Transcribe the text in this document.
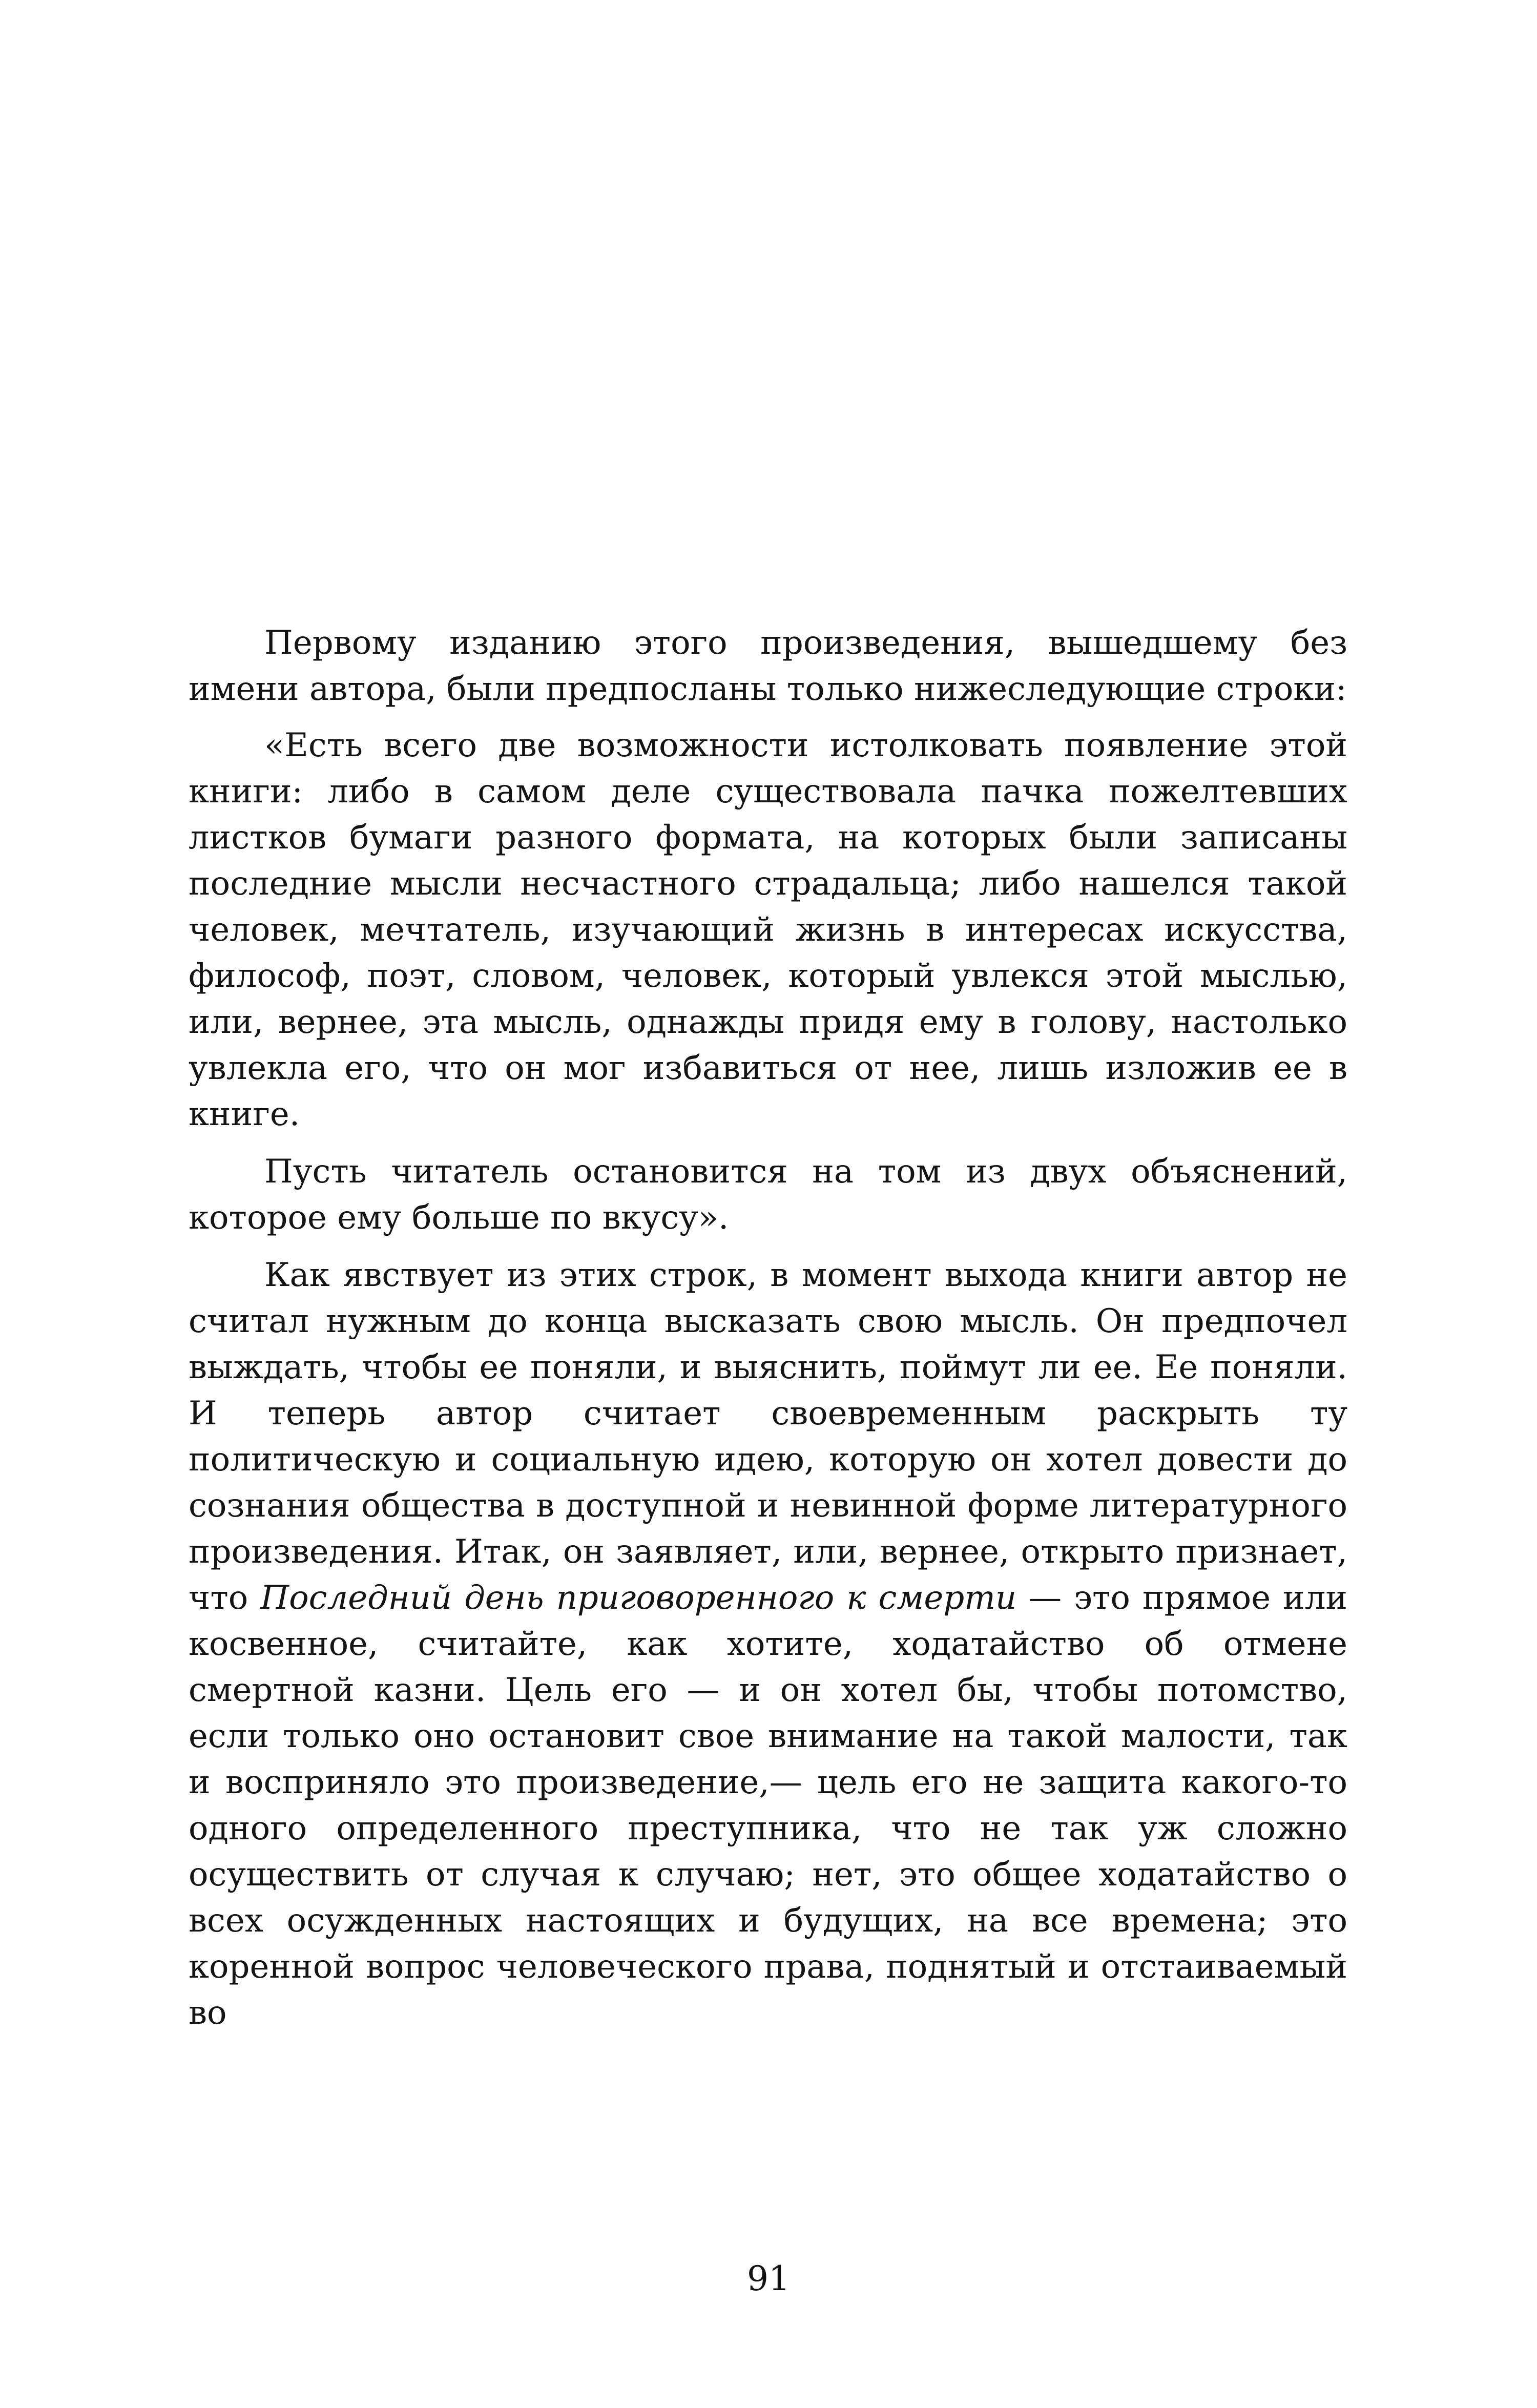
Первому изданию этого произведения, вышедшему без имени автора, были предпосланы только нижеследующие строки:

«Есть всего две возможности истолковать появление этой книги: либо в самом деле существовала пачка пожелтевших листков бумаги разного формата, на которых были записаны последние мысли несчастного страдальца; либо нашелся такой человек, мечтатель, изучающий жизнь в интересах искусства, философ, поэт, словом, человек, который увлекся этой мыслью, или, вернее, эта мысль, однажды придя ему в голову, настолько увлекла его, что он мог избавиться от нее, лишь изложив ее в книге.

Пусть читатель остановится на том из двух объяснений, которое ему больше по вкусу».

Как явствует из этих строк, в момент выхода книги автор не считал нужным до конца высказать свою мысль. Он предпочел выждать, чтобы ее поняли, и выяснить, поймут ли ее. Ее поняли. И теперь автор считает своевременным раскрыть ту политическую и социальную идею, которую он хотел довести до сознания общества в доступной и невинной форме литературного произведения. Итак, он заявляет, или, вернее, открыто признает, что Последний день приговоренного к смерти — это прямое или косвенное, считайте, как хотите, ходатайство об отмене смертной казни. Цель его — и он хотел бы, чтобы потомство, если только оно остановит свое внимание на такой малости, так и восприняло это произведение,— цель его не защита какого-то одного определенного преступника, что не так уж сложно осуществить от случая к случаю; нет, это общее ходатайство о всех осужденных настоящих и будущих, на все времена; это коренной вопрос человеческого права, поднятый и отстаиваемый во

91
